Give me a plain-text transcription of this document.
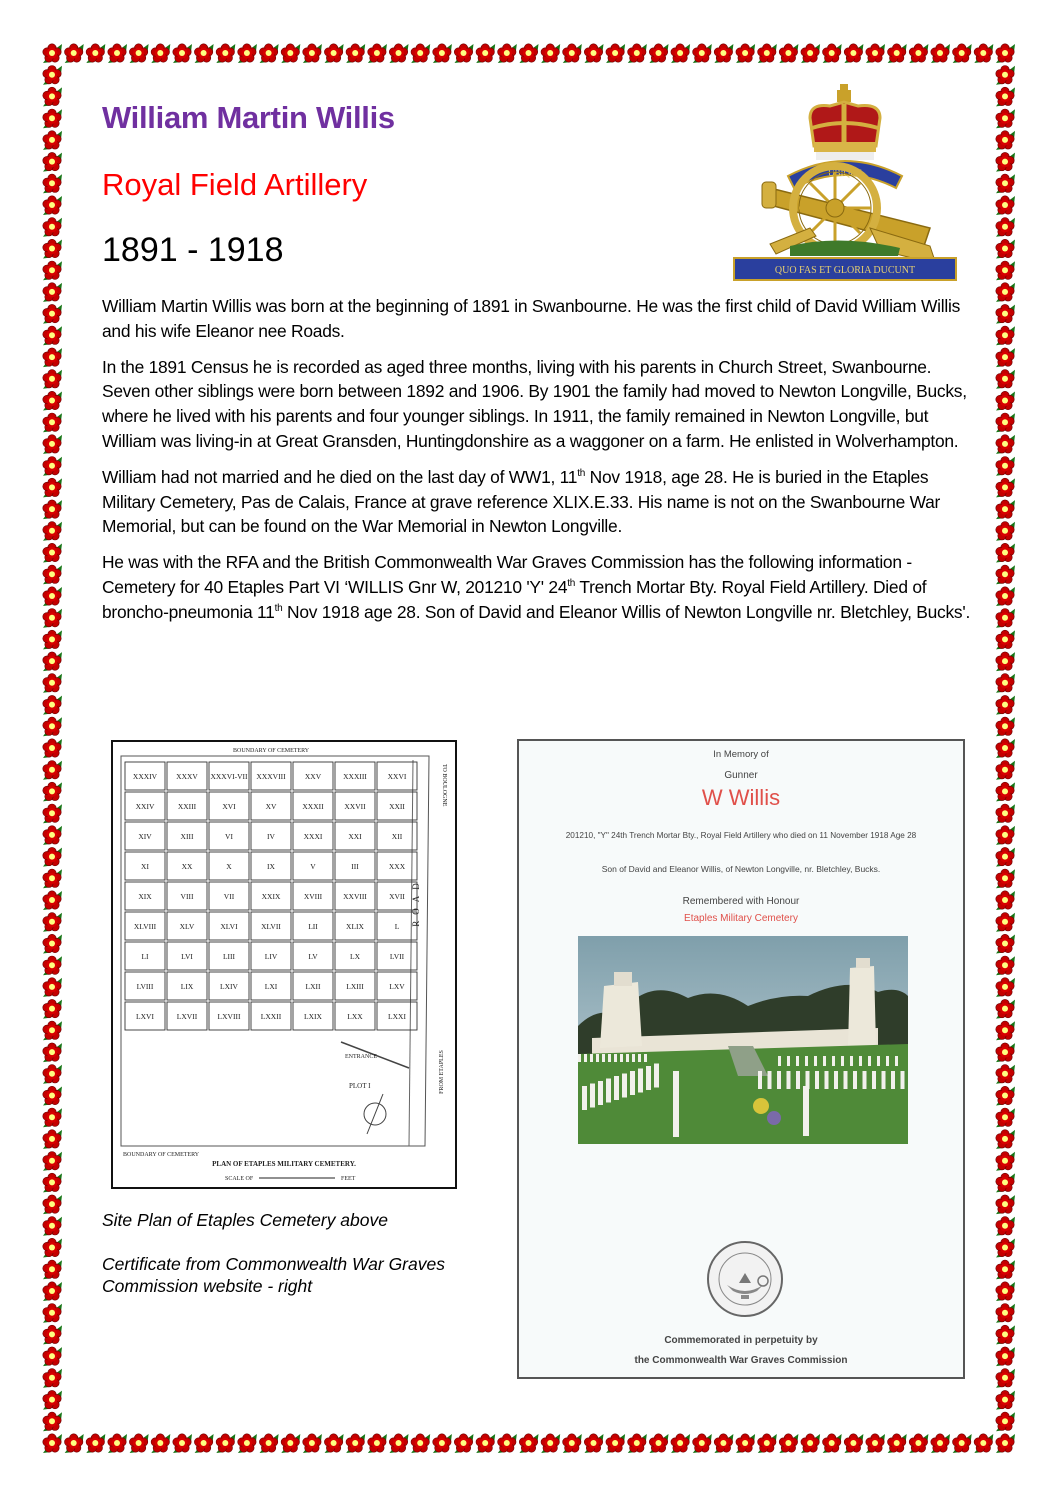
William Martin Willis
Royal Field Artillery
1891 - 1918
UBIQUE
QUO FAS ET GLORIA DUCUNT

William Martin Willis was born at the beginning of 1891 in Swanbourne. He was the first child of David William Willis and his wife Eleanor nee Roads.

In the 1891 Census he is recorded as aged three months, living with his parents in Church Street, Swanbourne. Seven other siblings were born between 1892 and 1906. By 1901 the family had moved to Newton Longville, Bucks, where he lived with his parents and four younger siblings. In 1911, the family remained in Newton Longville, but William was living-in at Great Gransden, Huntingdonshire as a waggoner on a farm. He enlisted in Wolverhampton.

William had not married and he died on the last day of WW1, 11th Nov 1918, age 28. He is buried in the Etaples Military Cemetery, Pas de Calais, France at grave reference XLIX.E.33. His name is not on the Swanbourne War Memorial, but can be found on the War Memorial in Newton Longville.

He was with the RFA and the British Commonwealth War Graves Commission has the following information - Cemetery for 40 Etaples Part VI ‘WILLIS Gnr W, 201210 'Y' 24th Trench Mortar Bty. Royal Field Artillery. Died of broncho-pneumonia 11th Nov 1918 age 28. Son of David and Eleanor Willis of Newton Longville nr. Bletchley, Bucks'.

XXXIV	XXXV XXXVI-VII XXXVIII	XXV	XXXIII	XXVI
XXIV	XXIII	XVI	XV	XXXII	XXVII	XXII
XIV	XIII	VI	IV	XXXI	XXI	XII
XI	XX	X	IX	V	III	XXX
XIX	VIII	VII	XXIX	XVIII	XXVIII	XVII
XLVIII	XLV	XLVI	XLVII	LII	XLIX	L
LI	LVI	LIII	LIV	LV	LX	LVII
LVIII	LIX	LXIV	LXI	LXII	LXIII	LXV
LXVI	LXVII	LXVIII	LXXII	LXIX	LXX	LXXI
BOUNDARY OF CEMETERY
TO BOULOGNE
ROAD
PLOT I
ENTRANCE	FROM ETAPLES
BOUNDARY OF CEMETERY
PLAN OF ETAPLES MILITARY CEMETERY.
SCALE OF	FEET
In Memory of
Gunner
W Willis
201210, "Y" 24th Trench Mortar Bty., Royal Field Artillery who died on 11 November 1918 Age 28
Son of David and Eleanor Willis, of Newton Longville, nr. Bletchley, Bucks.
Remembered with Honour
Etaples Military Cemetery
Commemorated in perpetuity by
the Commonwealth War Graves Commission
Site Plan of Etaples Cemetery above
Certificate from Commonwealth War Graves
Commission website - right
